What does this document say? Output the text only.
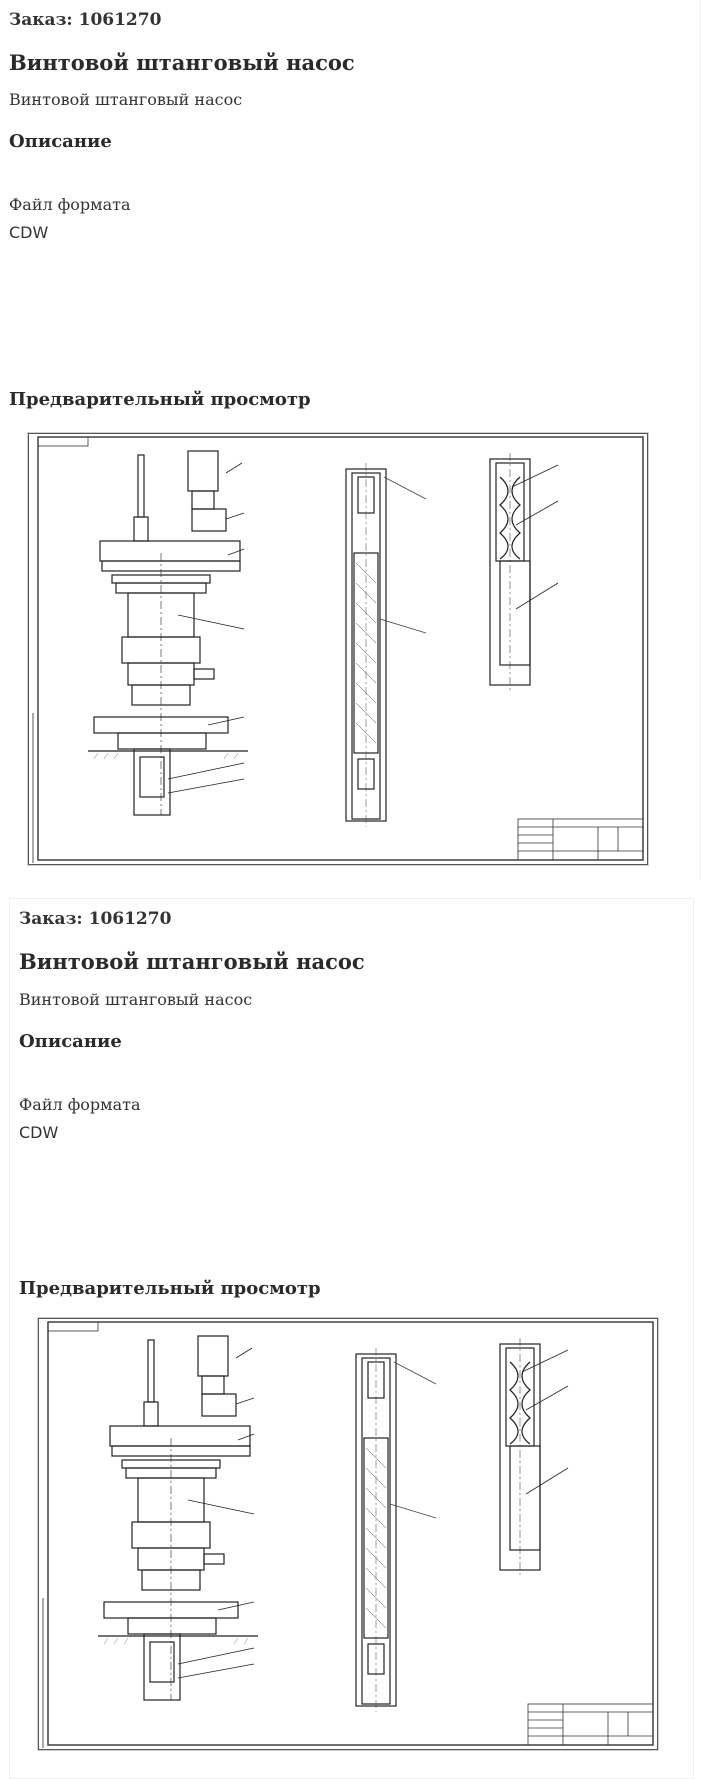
Заказ: 1061270
Винтовой штанговый насос
Винтовой штанговый насос
Описание
Файл формата
CDW
Предварительный просмотр
Заказ: 1061270
Винтовой штанговый насос
Винтовой штанговый насос
Описание
Файл формата
CDW
Предварительный просмотр
